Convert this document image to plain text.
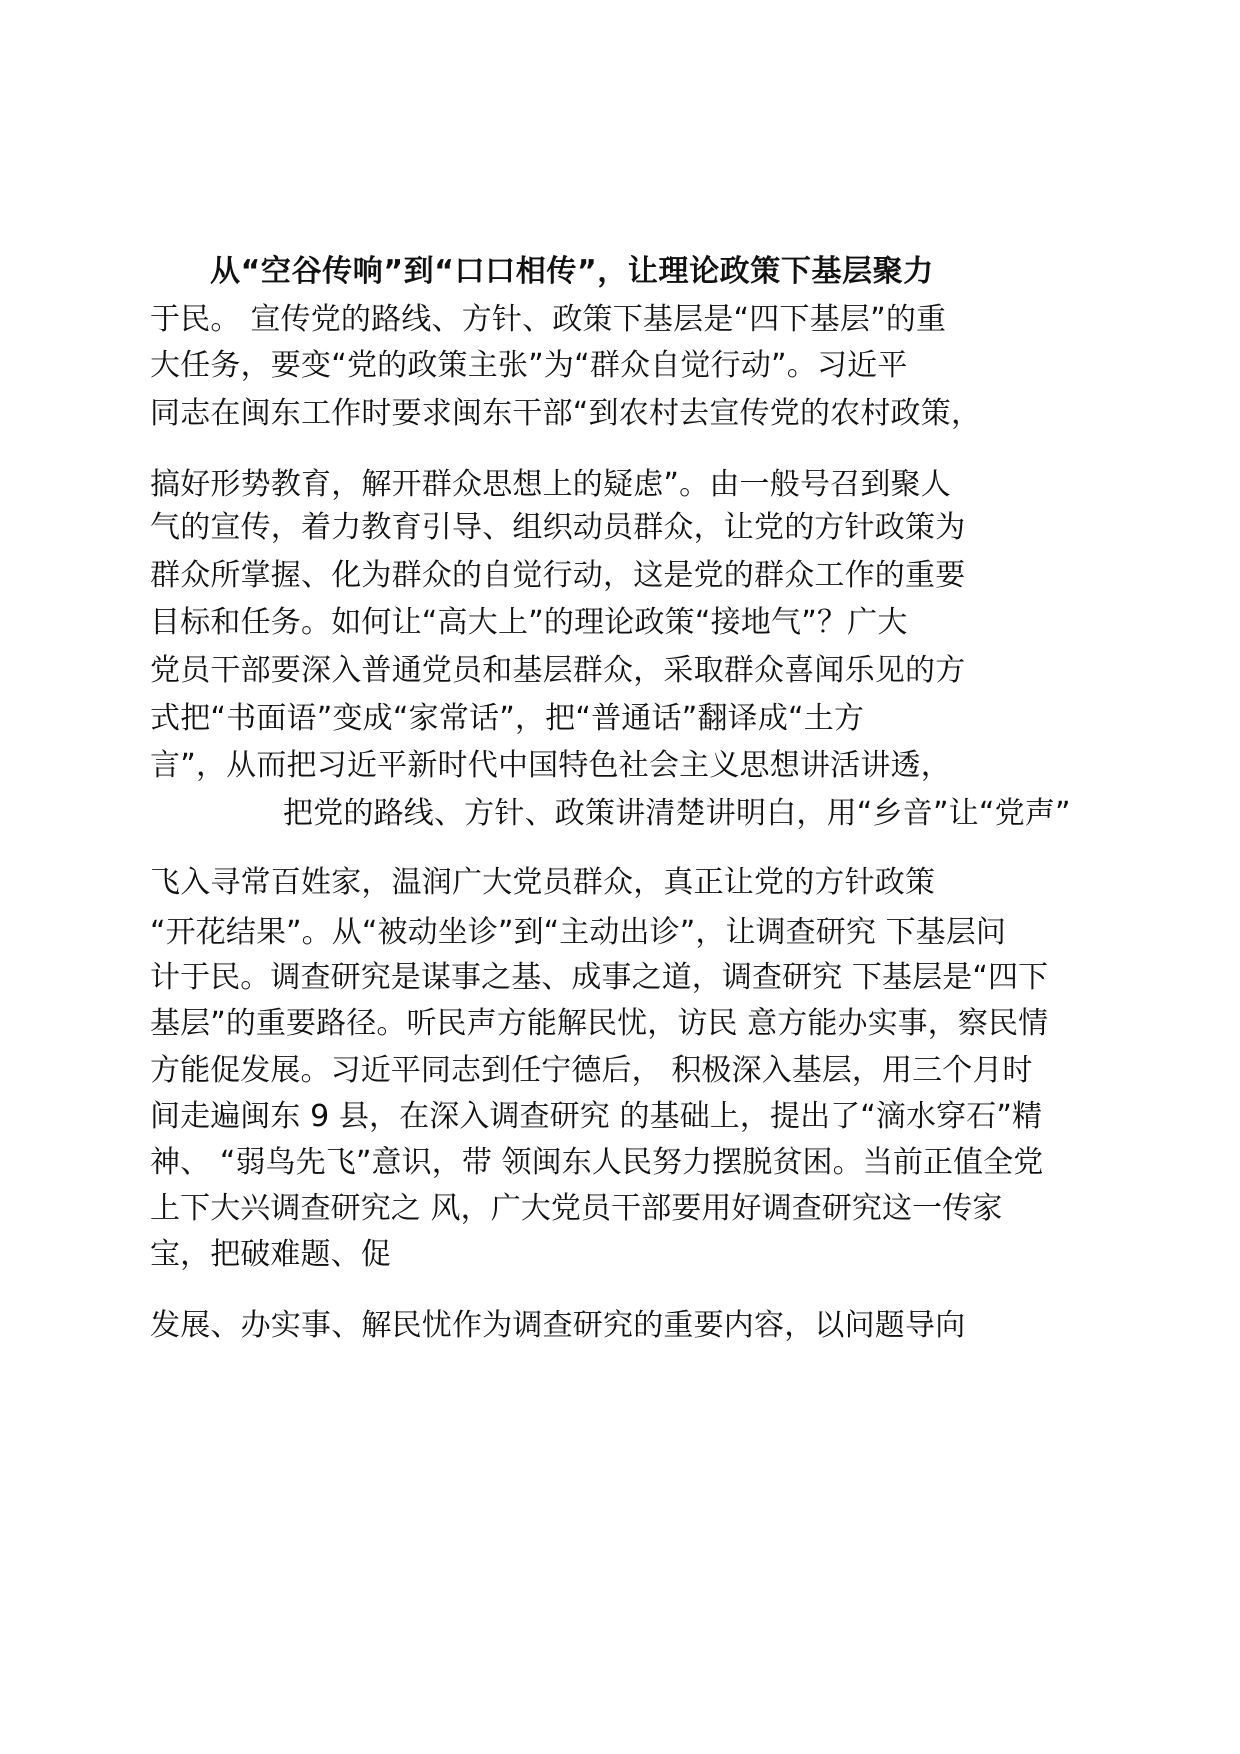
从“空谷传响”到“口口相传”，让理论政策下基层聚力
于民。 宣传党的路线、方针、政策下基层是“四下基层”的重
大任务，要变“党的政策主张”为“群众自觉行动”。习近平
同志在闽东工作时要求闽东干部“到农村去宣传党的农村政策，
搞好形势教育，解开群众思想上的疑虑”。由一般号召到聚人
气的宣传，着力教育引导、组织动员群众，让党的方针政策为
群众所掌握、化为群众的自觉行动，这是党的群众工作的重要
目标和任务。如何让“高大上”的理论政策“接地气”？广大
党员干部要深入普通党员和基层群众，采取群众喜闻乐见的方
式把“书面语”变成“家常话”，把“普通话”翻译成“土方
言”，从而把习近平新时代中国特色社会主义思想讲活讲透，
把党的路线、方针、政策讲清楚讲明白，用“乡音”让“党声”
飞入寻常百姓家，温润广大党员群众，真正让党的方针政策
“开花结果”。从“被动坐诊”到“主动出诊”，让调查研究 下基层问
计于民。调查研究是谋事之基、成事之道，调查研究 下基层是“四下
基层”的重要路径。听民声方能解民忧，访民 意方能办实事，察民情
方能促发展。习近平同志到任宁德后， 积极深入基层，用三个月时
间走遍闽东 9 县，在深入调查研究 的基础上，提出了“滴水穿石”精
神、 “弱鸟先飞”意识，带 领闽东人民努力摆脱贫困。当前正值全党
上下大兴调查研究之 风，广大党员干部要用好调查研究这一传家
宝，把破难题、促
发展、办实事、解民忧作为调查研究的重要内容，以问题导向
